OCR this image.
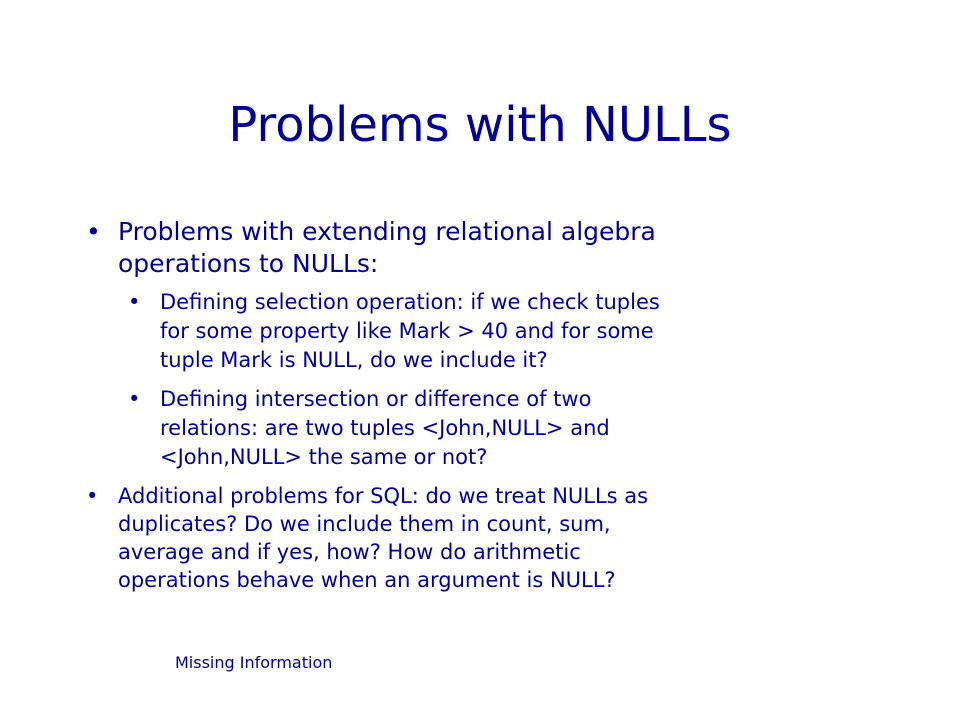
Problems with NULLs
• Problems with extending relational algebra
operations to NULLs:
• Defining selection operation: if we check tuples
for some property like Mark > 40 and for some
tuple Mark is NULL, do we include it?
• Defining intersection or difference of two
relations: are two tuples <John,NULL> and
<John,NULL> the same or not?
• Additional problems for SQL: do we treat NULLs as
duplicates? Do we include them in count, sum,
average and if yes, how? How do arithmetic
operations behave when an argument is NULL?
Missing Information
